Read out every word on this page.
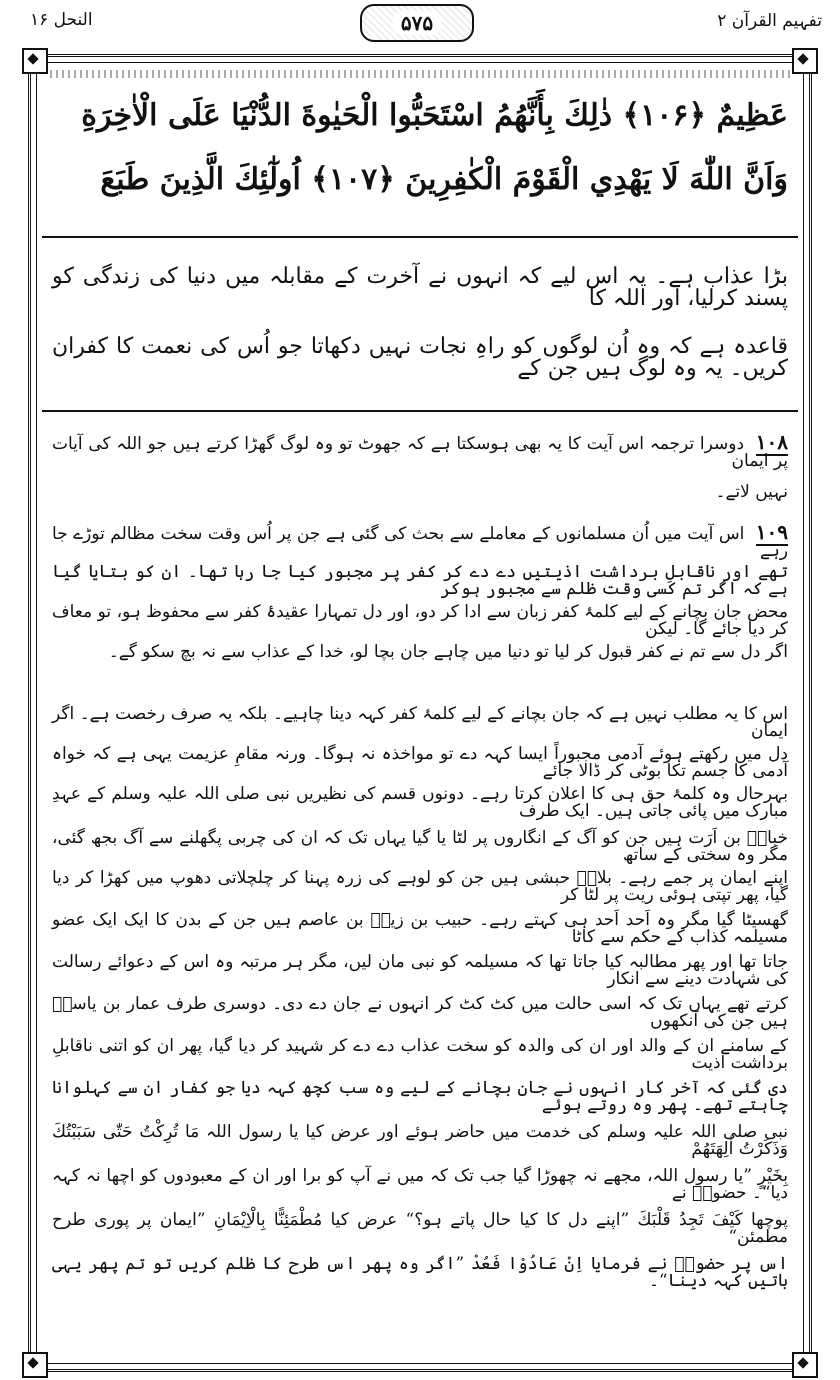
تفہیم القرآن ۲
۵۷۵
النحل ۱۶
عَظِيمٌ ﴿۱۰۶﴾ ذٰلِكَ بِأَنَّهُمُ اسْتَحَبُّوا الْحَيٰوةَ الدُّنْيَا عَلَى الْاٰخِرَةِ
وَاَنَّ اللّٰهَ لَا يَهْدِي الْقَوْمَ الْكٰفِرِينَ ﴿۱۰۷﴾ اُولٰٓئِكَ الَّذِينَ طَبَعَ
بڑا عذاب ہے۔ یہ اس لیے کہ انہوں نے آخرت کے مقابلہ میں دنیا کی زندگی کو پسند کرلیا، اور اللہ کا
قاعدہ ہے کہ وہ اُن لوگوں کو راہِ نجات نہیں دکھاتا جو اُس کی نعمت کا کفران کریں۔ یہ وہ لوگ ہیں جن کے
۱۰۸ دوسرا ترجمہ اس آیت کا یہ بھی ہوسکتا ہے کہ جھوٹ تو وہ لوگ گھڑا کرتے ہیں جو اللہ کی آیات پر ایمان
نہیں لاتے۔
۱۰۹ اس آیت میں اُن مسلمانوں کے معاملے سے بحث کی گئی ہے جن پر اُس وقت سخت مظالم توڑے جا رہے
تھے اور ناقابلِ برداشت اذیتیں دے دے کر کفر پر مجبور کیا جا رہا تھا۔ ان کو بتایا گیا ہے کہ اگر تم کسی وقت ظلم سے مجبور ہوکر
محض جان بچانے کے لیے کلمۂ کفر زبان سے ادا کر دو، اور دل تمہارا عقیدۂ کفر سے محفوظ ہو، تو معاف کر دیا جائے گا۔ لیکن
اگر دل سے تم نے کفر قبول کر لیا تو دنیا میں چاہے جان بچا لو، خدا کے عذاب سے نہ بچ سکو گے۔
اس کا یہ مطلب نہیں ہے کہ جان بچانے کے لیے کلمۂ کفر کہہ دینا چاہیے۔ بلکہ یہ صرف رخصت ہے۔ اگر ایمان
دل میں رکھتے ہوئے آدمی مجبوراً ایسا کہہ دے تو مواخذہ نہ ہوگا۔ ورنہ مقامِ عزیمت یہی ہے کہ خواہ آدمی کا جسم تکا بوٹی کر ڈالا جائے
بہرحال وہ کلمۂ حق ہی کا اعلان کرتا رہے۔ دونوں قسم کی نظیریں نبی صلی اللہ علیہ وسلم کے عہدِ مبارک میں پائی جاتی ہیں۔ ایک طرف
خبابؓ بن اَرَت ہیں جن کو آگ کے انگاروں پر لٹا یا گیا یہاں تک کہ ان کی چربی پگھلنے سے آگ بجھ گئی، مگر وہ سختی کے ساتھ
اپنے ایمان پر جمے رہے۔ بلالؓ حبشی ہیں جن کو لوہے کی زرہ پہنا کر چلچلاتی دھوپ میں کھڑا کر دیا گیا، پھر تپتی ہوئی ریت پر لٹا کر
گھسیٹا گیا مگر وہ اَحد اَحد ہی کہتے رہے۔ حبیب بن زیدؓ بن عاصم ہیں جن کے بدن کا ایک ایک عضو مسیلمہ کذاب کے حکم سے کاٹا
جاتا تھا اور پھر مطالبہ کیا جاتا تھا کہ مسیلمہ کو نبی مان لیں، مگر ہر مرتبہ وہ اس کے دعوائے رسالت کی شہادت دینے سے انکار
کرتے تھے یہاں تک کہ اسی حالت میں کٹ کٹ کر انہوں نے جان دے دی۔ دوسری طرف عمار بن یاسرؓ ہیں جن کی آنکھوں
کے سامنے ان کے والد اور ان کی والدہ کو سخت عذاب دے دے کر شہید کر دیا گیا، پھر ان کو اتنی ناقابلِ برداشت اذیت
دی گئی کہ آخر کار انہوں نے جان بچانے کے لیے وہ سب کچھ کہہ دیا جو کفار ان سے کہلوانا چاہتے تھے۔ پھر وہ روتے ہوئے
نبی صلی اللہ علیہ وسلم کی خدمت میں حاضر ہوئے اور عرض کیا یا رسول اللہ مَا تُرِكْتُ حَتّٰى سَبَبْتُكَ وَذَكَرْتُ اٰلِهَتَهُمْ
بِخَيْرٍ ”یا رسول اللہ، مجھے نہ چھوڑا گیا جب تک کہ میں نے آپ کو برا اور ان کے معبودوں کو اچھا نہ کہہ دیا“۔ حضورؐ نے
پوچھا كَيْفَ تَجِدُ قَلْبَكَ ”اپنے دل کا کیا حال پاتے ہو؟“ عرض کیا مُطْمَئِنًّا بِالْاِيْمَانِ ”ایمان پر پوری طرح مطمئن“
اس پر حضورؐ نے فرمایا اِنْ عَادُوْا فَعُدْ ”اگر وہ پھر اس طرح کا ظلم کریں تو تم پھر یہی باتیں کہہ دینا“۔
